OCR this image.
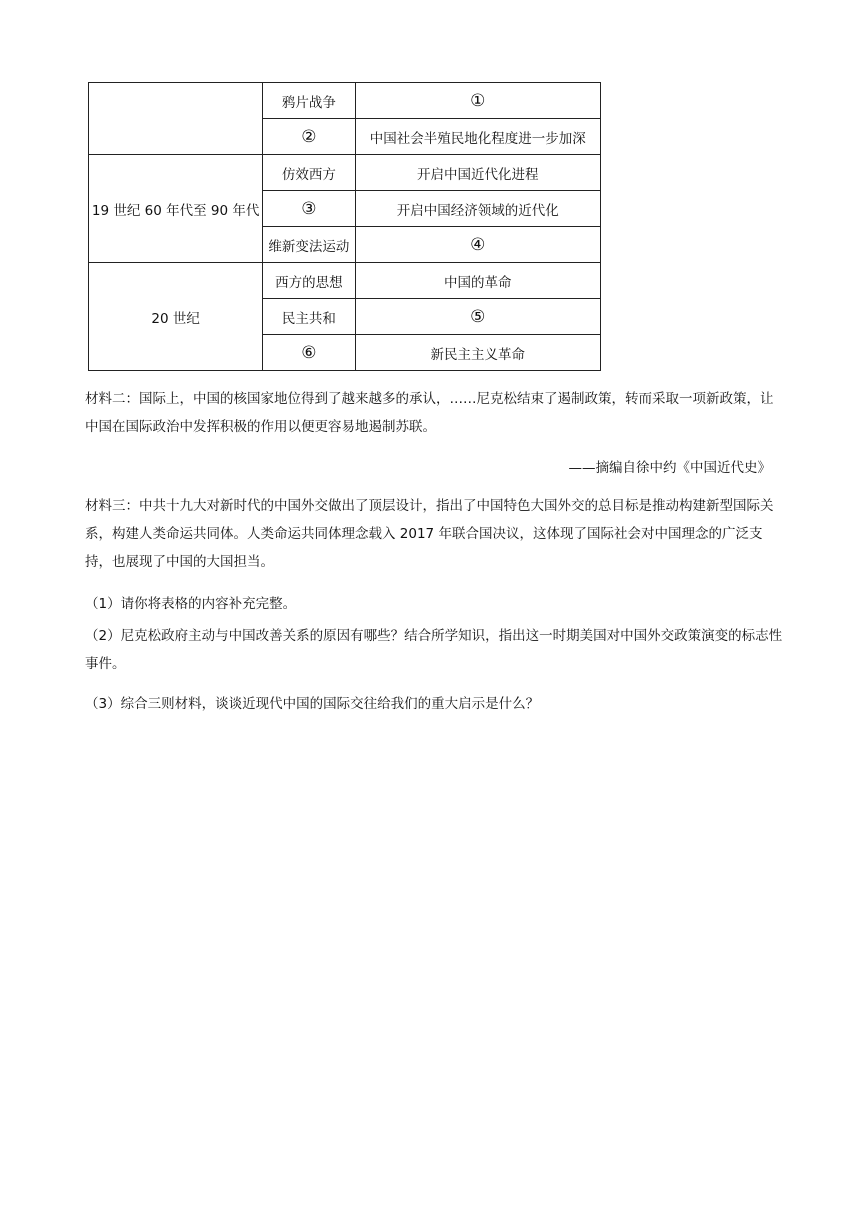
	鸦片战争	①
	②	中国社会半殖民地化程度进一步加深
19 世纪 60 年代至 90 年代	仿效西方	开启中国近代化进程
	③	开启中国经济领域的近代化
	维新变法运动	④
20 世纪	西方的思想	中国的革命
	民主共和	⑤
	⑥	新民主主义革命

材料二：国际上，中国的核国家地位得到了越来越多的承认，……尼克松结束了遏制政策，转而采取一项新政策，让中国在国际政治中发挥积极的作用以便更容易地遏制苏联。

——摘编自徐中约《中国近代史》

材料三：中共十九大对新时代的中国外交做出了顶层设计，指出了中国特色大国外交的总目标是推动构建新型国际关系，构建人类命运共同体。人类命运共同体理念载入 2017 年联合国决议，这体现了国际社会对中国理念的广泛支持，也展现了中国的大国担当。

（1）请你将表格的内容补充完整。

（2）尼克松政府主动与中国改善关系的原因有哪些？结合所学知识，指出这一时期美国对中国外交政策演变的标志性事件。

（3）综合三则材料，谈谈近现代中国的国际交往给我们的重大启示是什么？
